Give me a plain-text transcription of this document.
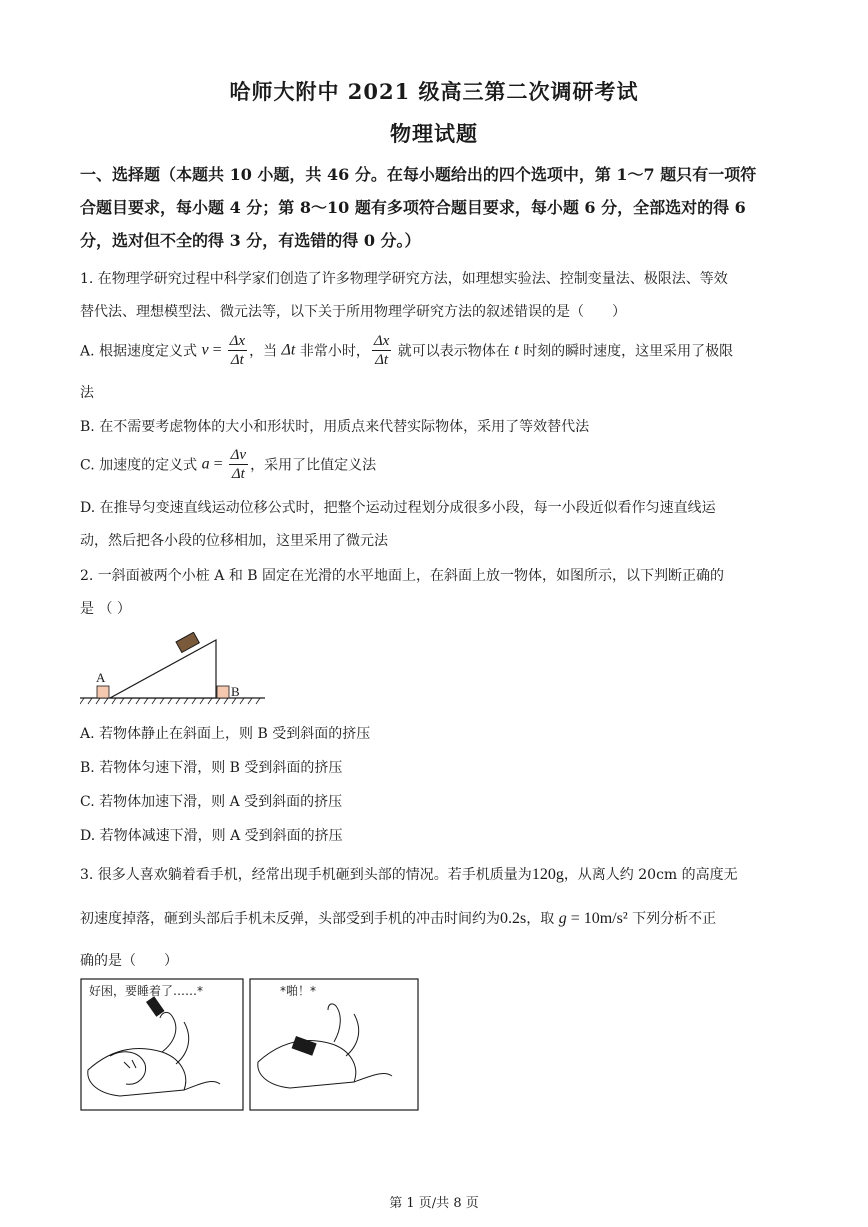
哈师大附中 2021 级高三第二次调研考试
物理试题
一、选择题（本题共 10 小题，共 46 分。在每小题给出的四个选项中，第 1～7 题只有一项符
合题目要求，每小题 4 分；第 8～10 题有多项符合题目要求，每小题 6 分，全部选对的得 6
分，选对但不全的得 3 分，有选错的得 0 分。）
1. 在物理学研究过程中科学家们创造了许多物理学研究方法，如理想实验法、控制变量法、极限法、等效
替代法、理想模型法、微元法等，以下关于所用物理学研究方法的叙述错误的是（　　）
A. 根据速度定义式 $v = \frac{\Delta x}{\Delta t}$ ，当 Δt 非常小时， $\frac{\Delta x}{\Delta t}$ 就可以表示物体在 t 时刻的瞬时速度，这里采用了极限
法
B. 在不需要考虑物体的大小和形状时，用质点来代替实际物体，采用了等效替代法
C. 加速度的定义式 $a = \frac{\Delta v}{\Delta t}$ ，采用了比值定义法
D. 在推导匀变速直线运动位移公式时，把整个运动过程划分成很多小段，每一小段近似看作匀速直线运
动，然后把各小段的位移相加，这里采用了微元法
2. 一斜面被两个小桩 A 和 B 固定在光滑的水平地面上，在斜面上放一物体，如图所示，以下判断正确的
是 （ ）
A
B
A. 若物体静止在斜面上，则 B 受到斜面的挤压
B. 若物体匀速下滑，则 B 受到斜面的挤压
C. 若物体加速下滑，则 A 受到斜面的挤压
D. 若物体减速下滑，则 A 受到斜面的挤压
3. 很多人喜欢躺着看手机，经常出现手机砸到头部的情况。若手机质量为120g，从离人约 20cm 的高度无
初速度掉落，砸到头部后手机未反弹，头部受到手机的冲击时间约为0.2s，取 g = 10m/s² 下列分析不正
确的是（　　）
好困，要睡着了……*	*啪！*
第 1 页/共 8 页
